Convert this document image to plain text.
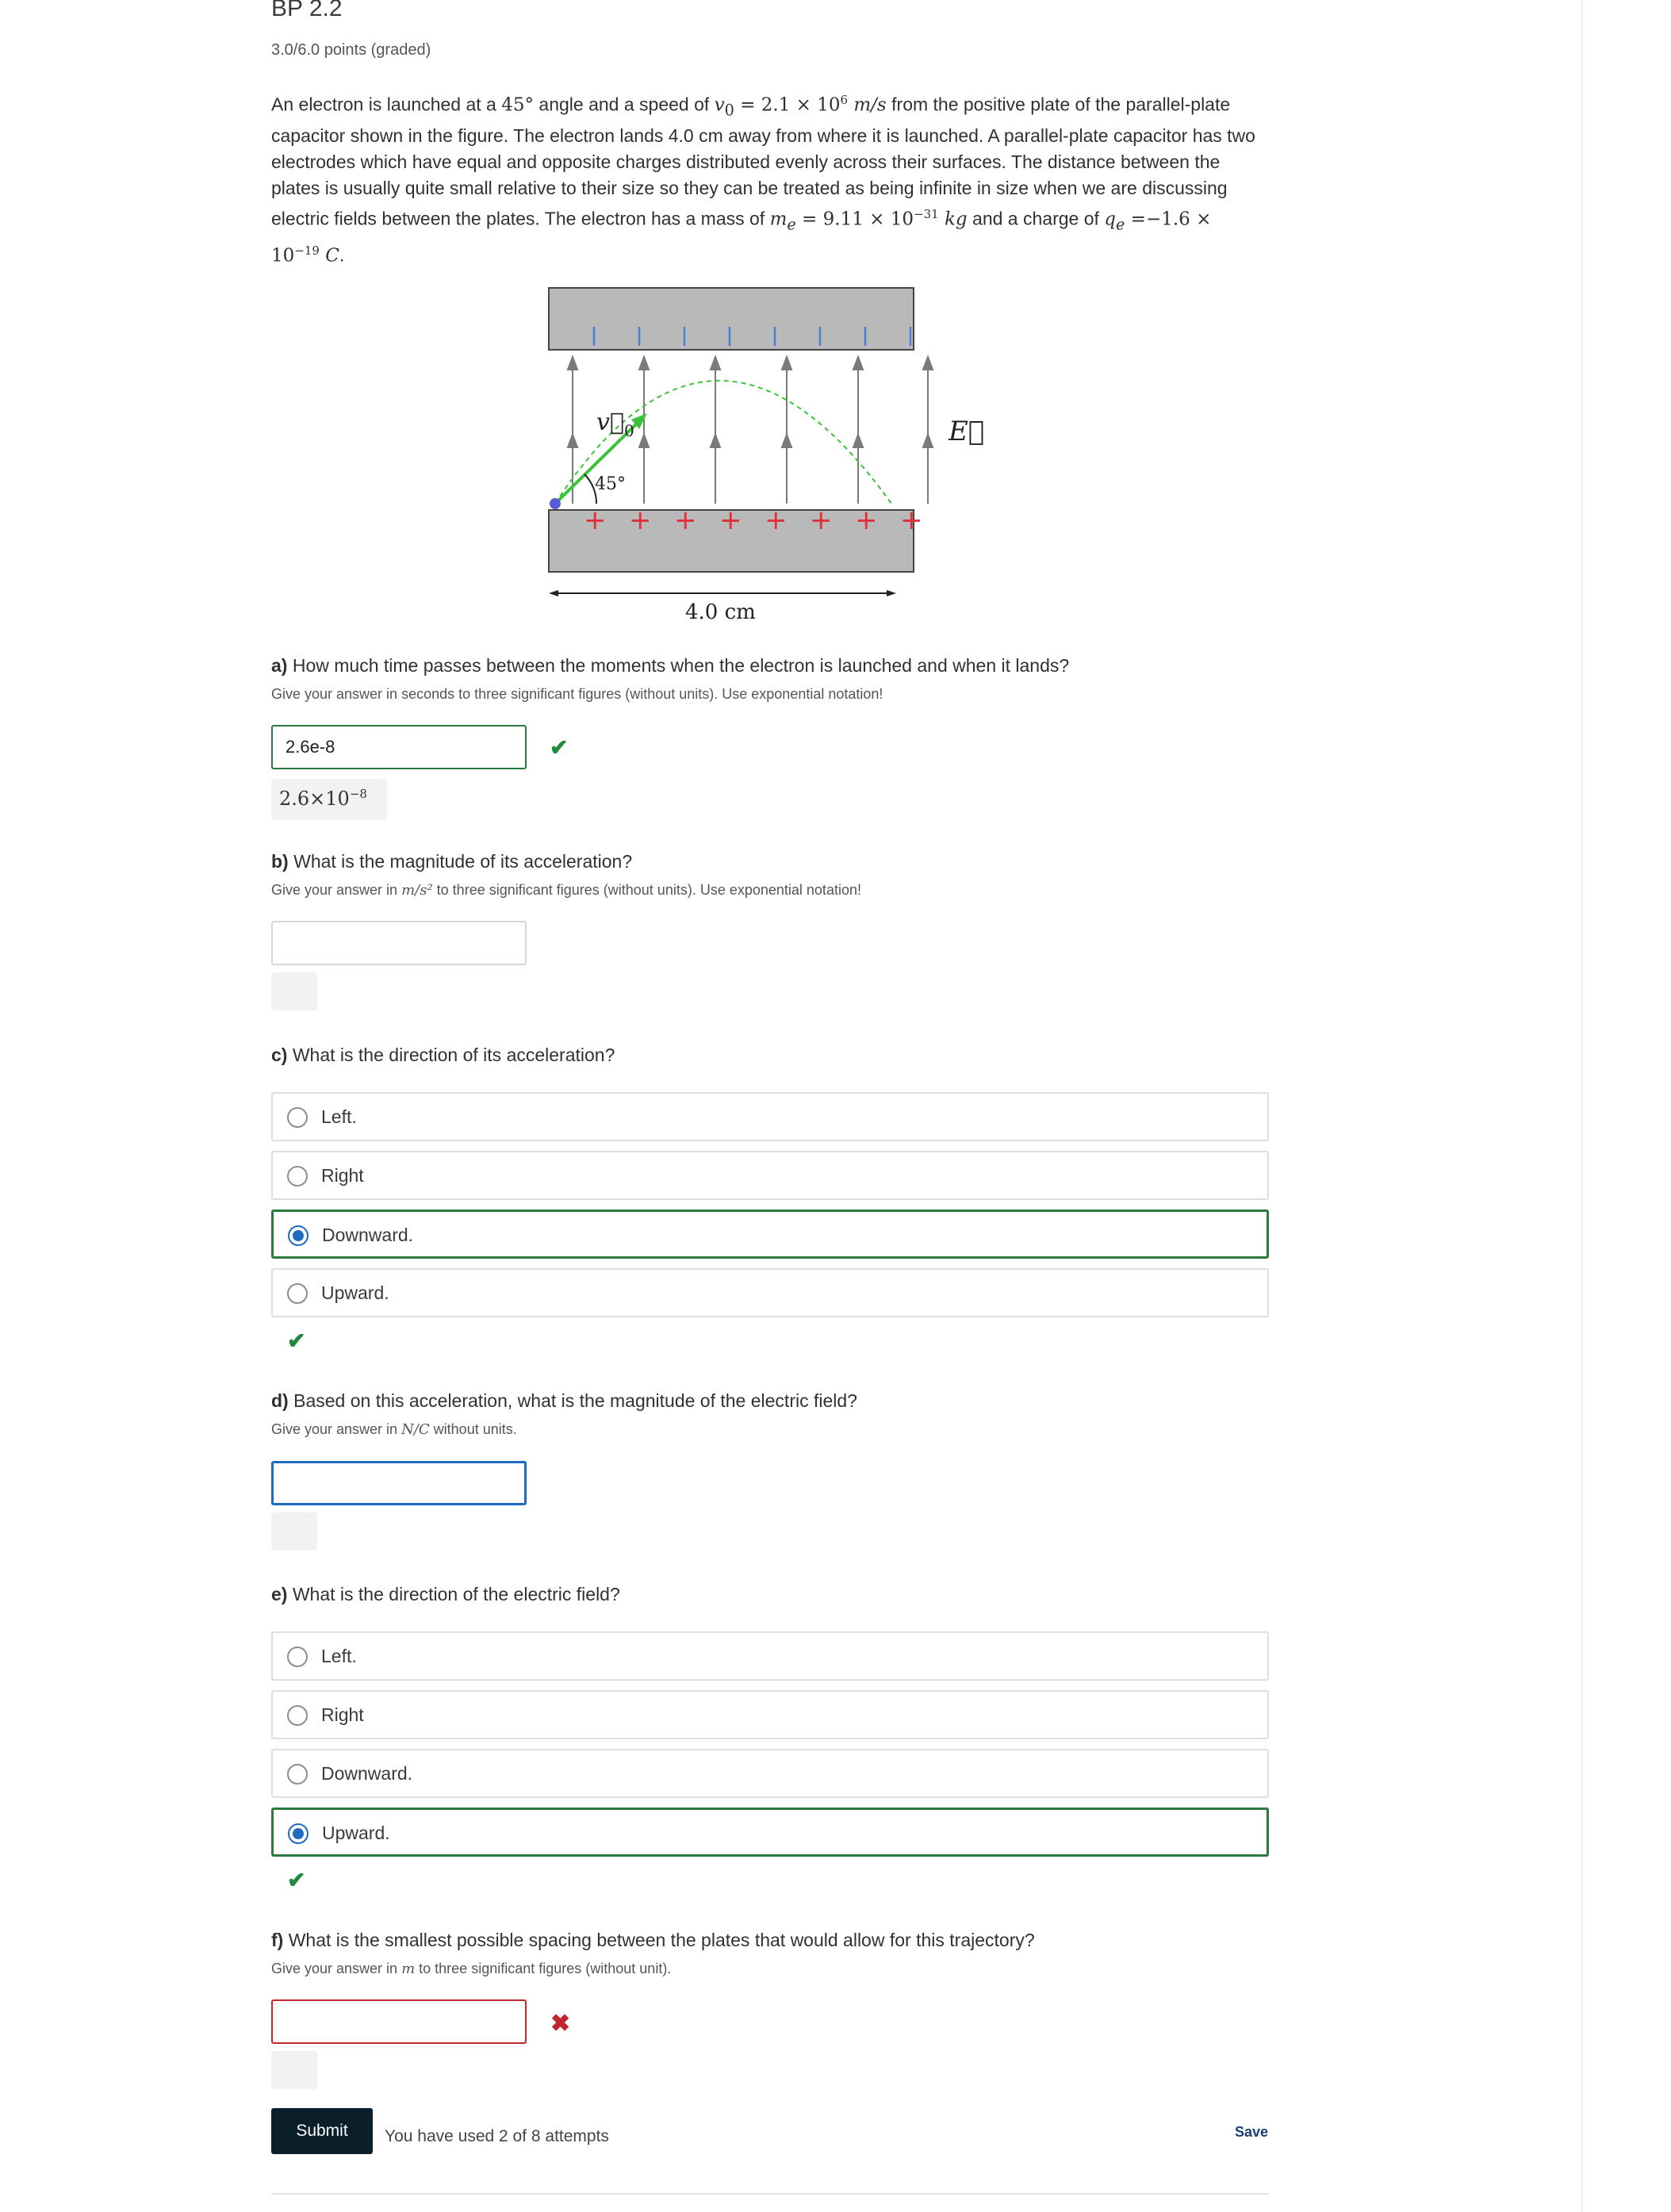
BP 2.2
3.0/6.0 points (graded)
An electron is launched at a 45° angle and a speed of $v_0 = 2.1 \times 10^6$ m/s from the positive plate of the parallel-plate capacitor shown in the figure. The electron lands 4.0 cm away from where it is launched. A parallel-plate capacitor has two electrodes which have equal and opposite charges distributed evenly across their surfaces. The distance between the plates is usually quite small relative to their size so they can be treated as being infinite in size when we are discussing electric fields between the plates. The electron has a mass of $m_e = 9.11 \times 10^{-31}$ kg and a charge of $q_e =-1.6 \times 10^{-19}$ C.
$v⃗_0$
45°
E⃗
+ + + + + + + +
4.0 cm
a) How much time passes between the moments when the electron is launched and when it lands?
Give your answer in seconds to three significant figures (without units). Use exponential notation!
2.6e-8
✔
$2.6\times 10^{-8}$
b) What is the magnitude of its acceleration?
Give your answer in m/s² to three significant figures (without units). Use exponential notation!
c) What is the direction of its acceleration?
Left.
Right
Downward.
Upward.
✔
d) Based on this acceleration, what is the magnitude of the electric field?
Give your answer in N/C without units.
e) What is the direction of the electric field?
Left.
Right
Downward.
Upward.
✔
f) What is the smallest possible spacing between the plates that would allow for this trajectory?
Give your answer in m to three significant figures (without unit).
✖
Submit	You have used 2 of 8 attempts	Save
